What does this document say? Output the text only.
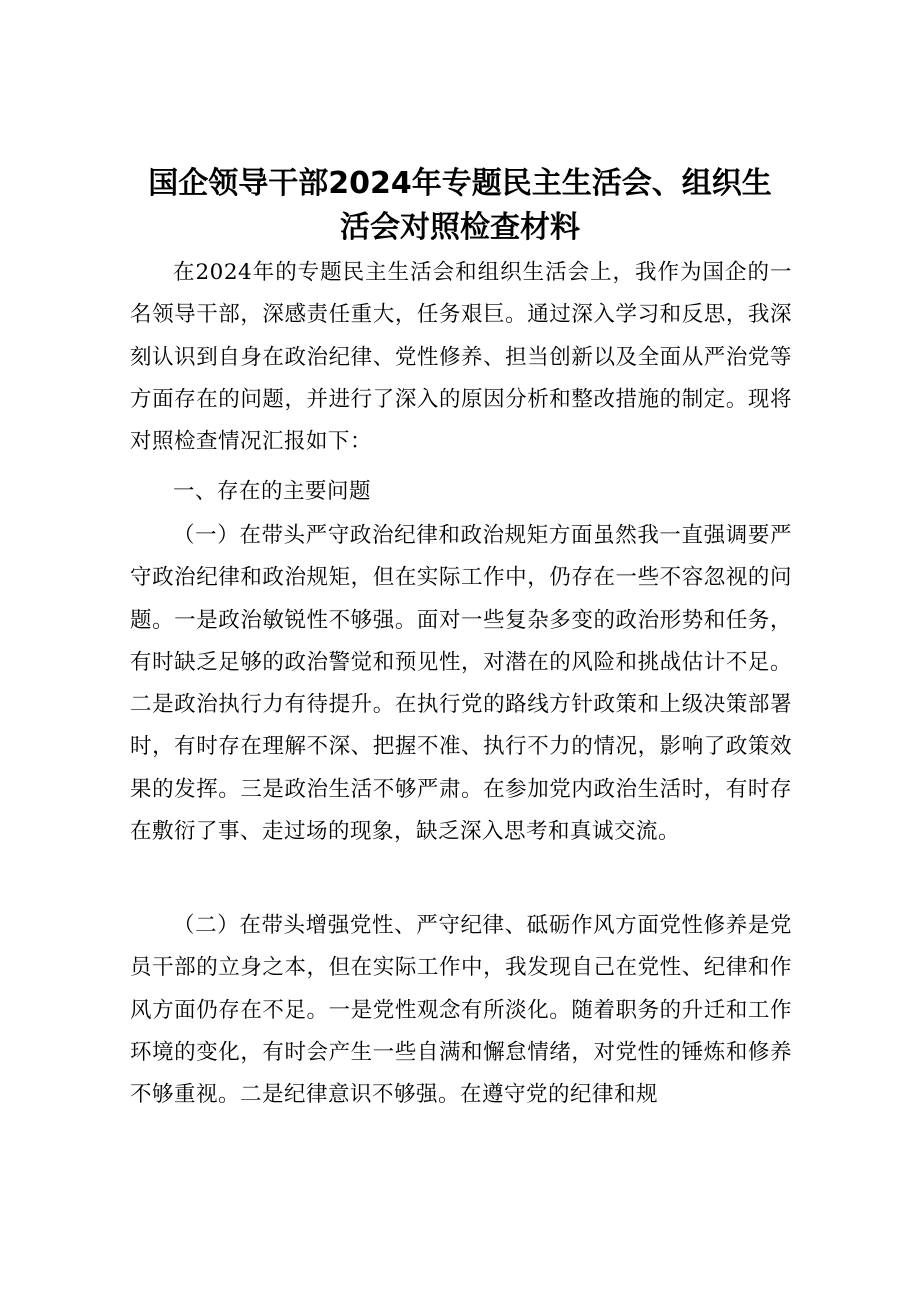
国企领导干部2024年专题民主生活会、组织生
活会对照检查材料

在2024年的专题民主生活会和组织生活会上，我作为国企的一名领导干部，深感责任重大，任务艰巨。通过深入学习和反思，我深刻认识到自身在政治纪律、党性修养、担当创新以及全面从严治党等方面存在的问题，并进行了深入的原因分析和整改措施的制定。现将对照检查情况汇报如下：

一、存在的主要问题

（一）在带头严守政治纪律和政治规矩方面虽然我一直强调要严守政治纪律和政治规矩，但在实际工作中，仍存在一些不容忽视的问题。一是政治敏锐性不够强。面对一些复杂多变的政治形势和任务，有时缺乏足够的政治警觉和预见性，对潜在的风险和挑战估计不足。二是政治执行力有待提升。在执行党的路线方针政策和上级决策部署时，有时存在理解不深、把握不准、执行不力的情况，影响了政策效果的发挥。三是政治生活不够严肃。在参加党内政治生活时，有时存在敷衍了事、走过场的现象，缺乏深入思考和真诚交流。

（二）在带头增强党性、严守纪律、砥砺作风方面党性修养是党员干部的立身之本，但在实际工作中，我发现自己在党性、纪律和作风方面仍存在不足。一是党性观念有所淡化。随着职务的升迁和工作环境的变化，有时会产生一些自满和懈怠情绪，对党性的锤炼和修养不够重视。二是纪律意识不够强。在遵守党的纪律和规
